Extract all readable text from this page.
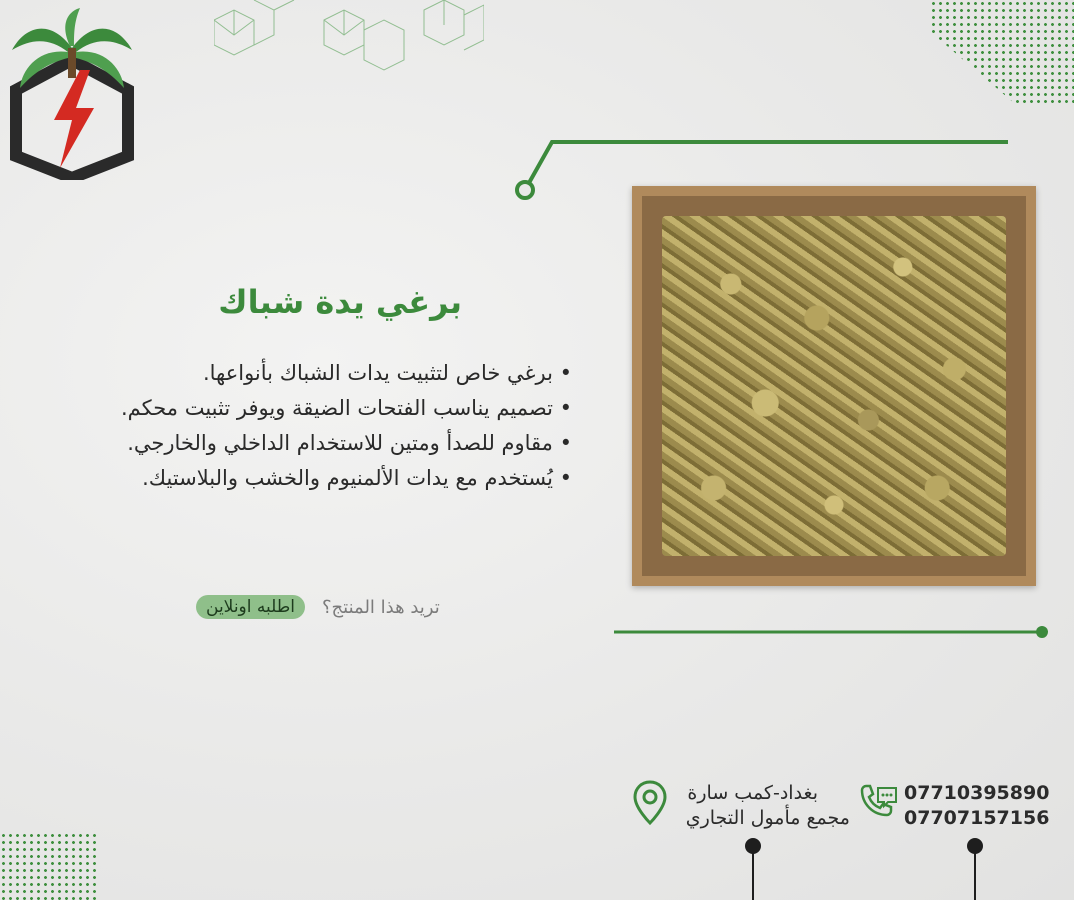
برغي يدة شباك
• برغي خاص لتثبيت يدات الشباك بأنواعها.
• تصميم يناسب الفتحات الضيقة ويوفر تثبيت محكم.
• مقاوم للصدأ ومتين للاستخدام الداخلي والخارجي.
• يُستخدم مع يدات الألمنيوم والخشب والبلاستيك.
تريد هذا المنتج؟
اطلبه اونلاين
07710395890
07707157156
بغداد-كمب سارة
مجمع مأمول التجاري
